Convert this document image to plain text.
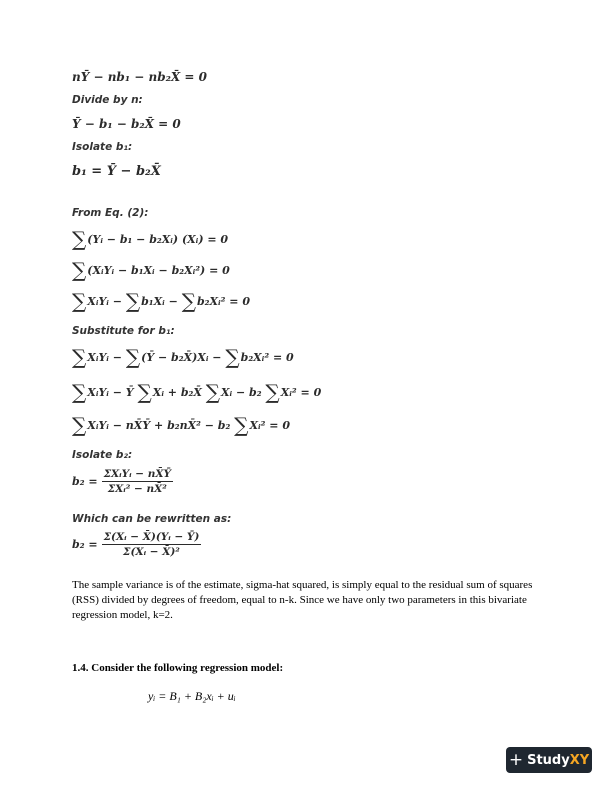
nȲ − nb₁ − nb₂X̄ = 0
Divide by n:
Ȳ − b₁ − b₂X̄ = 0
Isolate b₁:
b₁ = Ȳ − b₂X̄
From Eq. (2):
∑(Yᵢ − b₁ − b₂Xᵢ) (Xᵢ) = 0
∑(XᵢYᵢ − b₁Xᵢ − b₂Xᵢ²) = 0
∑XᵢYᵢ − ∑b₁Xᵢ − ∑b₂Xᵢ² = 0
Substitute for b₁:
∑XᵢYᵢ − ∑(Ȳ − b₂X̄)Xᵢ − ∑b₂Xᵢ² = 0
∑XᵢYᵢ − Ȳ ∑Xᵢ + b₂X̄ ∑Xᵢ − b₂ ∑Xᵢ² = 0
∑XᵢYᵢ − nX̄Ȳ + b₂nX̄² − b₂ ∑Xᵢ² = 0
Isolate b₂:
$b_2 = \frac{\text{ΣXᵢYᵢ − nX̄Ȳ}}{\text{ΣXᵢ² − nX̄²}}$
Which can be rewritten as:
$b_2 = \frac{\text{Σ(Xᵢ − X̄)(Yᵢ − Ȳ)}}{\text{Σ(Xᵢ − X̄)²}}$
The sample variance is of the estimate, sigma-hat squared, is simply equal to the residual sum of squares (RSS) divided by degrees of freedom, equal to n-k. Since we have only two parameters in this bivariate regression model, k=2.
1.4. Consider the following regression model:
yᵢ = B₁ + B₂xᵢ + uᵢ
+ Study XY
